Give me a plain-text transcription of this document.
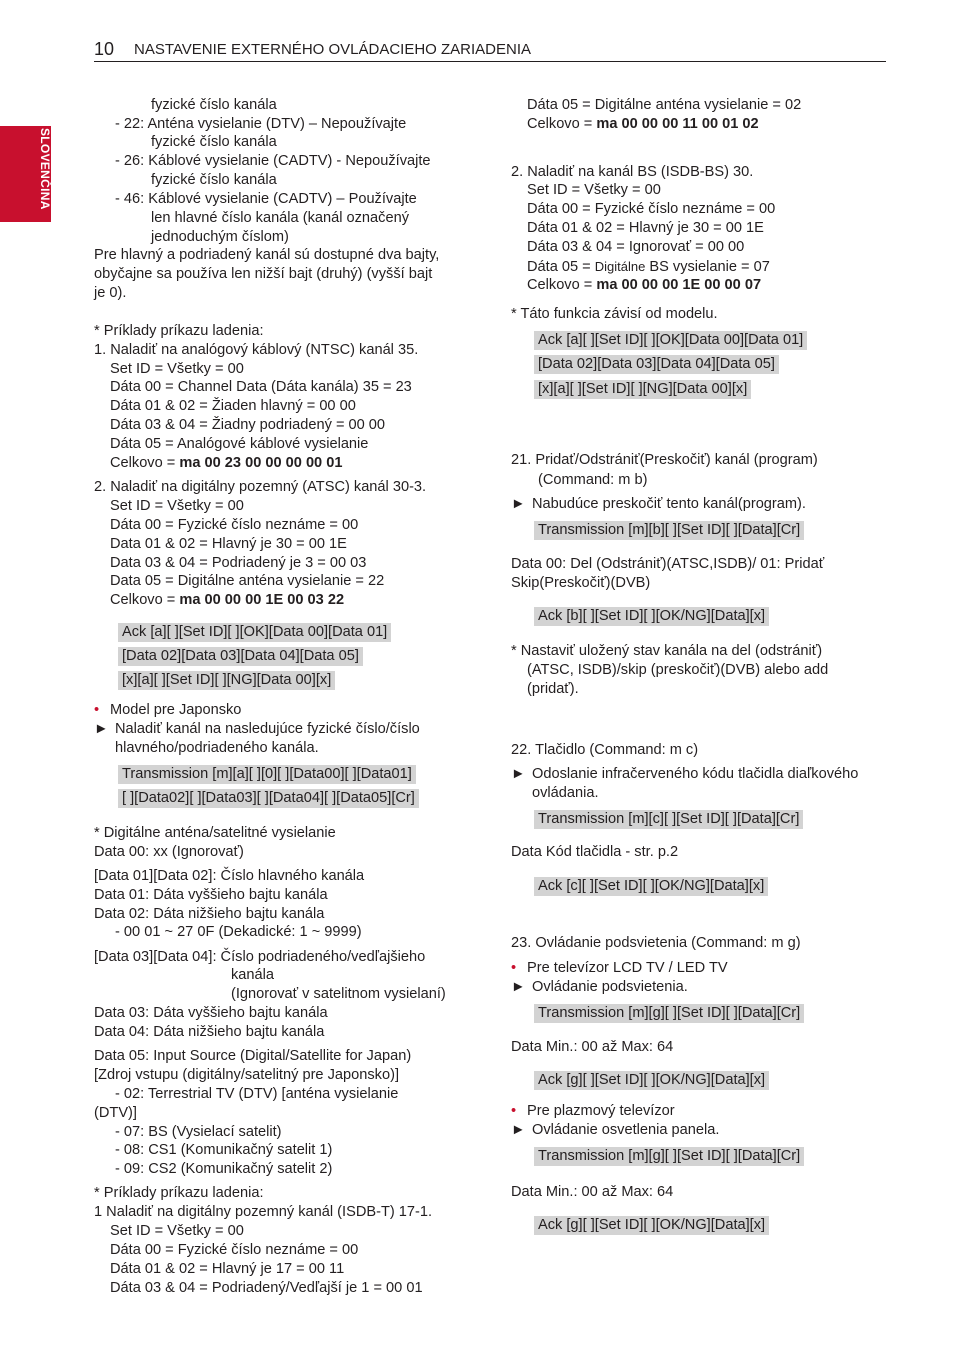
10 NASTAVENIE EXTERNÉHO OVLÁDACIEHO ZARIADENIA
SLOVENČINA
fyzické číslo kanála
- 22: Anténa vysielanie (DTV) – Nepoužívajte
fyzické číslo kanála
- 26: Káblové vysielanie (CADTV) - Nepoužívajte
fyzické číslo kanála
- 46: Káblové vysielanie (CADTV) – Používajte
len hlavné číslo kanála (kanál označený
jednoduchým číslom)
Pre hlavný a podriadený kanál sú dostupné dva bajty,
obyčajne sa používa len nižší bajt (druhý) (vyšší bajt
je 0).
* Príklady príkazu ladenia:
1. Naladiť na analógový káblový (NTSC) kanál 35.
Set ID = Všetky = 00
Dáta 00 = Channel Data (Dáta kanála) 35 = 23
Dáta 01 & 02 = Žiaden hlavný = 00 00
Dáta 03 & 04 = Žiadny podriadený = 00 00
Dáta 05 = Analógové káblové vysielanie
Celkovo = ma 00 23 00 00 00 00 01
2. Naladiť na digitálny pozemný (ATSC) kanál 30-3.
Set ID = Všetky = 00
Dáta 00 = Fyzické číslo neznáme = 00
Data 01 & 02 = Hlavný je 30 = 00 1E
Data 03 & 04 = Podriadený je 3 = 00 03
Data 05 = Digitálne anténa vysielanie = 22
Celkovo = ma 00 00 00 1E 00 03 22
Ack [a][ ][Set ID][ ][OK][Data 00][Data 01]
[Data 02][Data 03][Data 04][Data 05]
[x][a][ ][Set ID][ ][NG][Data 00][x]
• Model pre Japonsko
► Naladiť kanál na nasledujúce fyzické číslo/číslo
hlavného/podriadeného kanála.
Transmission [m][a][ ][0][ ][Data00][ ][Data01]
[ ][Data02][ ][Data03][ ][Data04][ ][Data05][Cr]
* Digitálne anténa/satelitné vysielanie
Data 00: xx (Ignorovať)
[Data 01][Data 02]: Číslo hlavného kanála
Data 01: Dáta vyššieho bajtu kanála
Data 02: Dáta nižšieho bajtu kanála
- 00 01 ~ 27 0F (Dekadické: 1 ~ 9999)
[Data 03][Data 04]: Číslo podriadeného/vedľajšieho
kanála
(Ignorovať v satelitnom vysielaní)
Data 03: Dáta vyššieho bajtu kanála
Data 04: Dáta nižšieho bajtu kanála
Data 05: Input Source (Digital/Satellite for Japan)
[Zdroj vstupu (digitálny/satelitný pre Japonsko)]
- 02: Terrestrial TV (DTV) [anténa vysielanie
(DTV)]
- 07: BS (Vysielací satelit)
- 08: CS1 (Komunikačný satelit 1)
- 09: CS2 (Komunikačný satelit 2)
* Príklady príkazu ladenia:
1 Naladiť na digitálny pozemný kanál (ISDB-T) 17-1.
Set ID = Všetky = 00
Dáta 00 = Fyzické číslo neznáme = 00
Dáta 01 & 02 = Hlavný je 17 = 00 11
Dáta 03 & 04 = Podriadený/Vedľajší je 1 = 00 01
Dáta 05 = Digitálne anténa vysielanie = 02
Celkovo = ma 00 00 00 11 00 01 02
2. Naladiť na kanál BS (ISDB-BS) 30.
Set ID = Všetky = 00
Dáta 00 = Fyzické číslo neznáme = 00
Dáta 01 & 02 = Hlavný je 30 = 00 1E
Dáta 03 & 04 = Ignorovať = 00 00
Dáta 05 = Digitálne BS vysielanie = 07
Celkovo = ma 00 00 00 1E 00 00 07
* Táto funkcia závisí od modelu.
Ack [a][ ][Set ID][ ][OK][Data 00][Data 01]
[Data 02][Data 03][Data 04][Data 05]
[x][a][ ][Set ID][ ][NG][Data 00][x]
21. Pridať/Odstrániť(Preskočiť) kanál (program)
(Command: m b)
► Nabudúce preskočiť tento kanál(program).
Transmission [m][b][ ][Set ID][ ][Data][Cr]
Data 00: Del (Odstrániť)(ATSC,ISDB)/ 01: Pridať
Skip(Preskočiť)(DVB)
Ack [b][ ][Set ID][ ][OK/NG][Data][x]
* Nastaviť uložený stav kanála na del (odstrániť)
(ATSC, ISDB)/skip (preskočiť)(DVB) alebo add
(pridať).
22. Tlačidlo (Command: m c)
► Odoslanie infračerveného kódu tlačidla diaľkového
ovládania.
Transmission [m][c][ ][Set ID][ ][Data][Cr]
Data Kód tlačidla - str. p.2
Ack [c][ ][Set ID][ ][OK/NG][Data][x]
23. Ovládanie podsvietenia (Command: m g)
• Pre televízor LCD TV / LED TV
► Ovládanie podsvietenia.
Transmission [m][g][ ][Set ID][ ][Data][Cr]
Data Min.: 00 až Max: 64
Ack [g][ ][Set ID][ ][OK/NG][Data][x]
• Pre plazmový televízor
► Ovládanie osvetlenia panela.
Transmission [m][g][ ][Set ID][ ][Data][Cr]
Data Min.: 00 až Max: 64
Ack [g][ ][Set ID][ ][OK/NG][Data][x]
